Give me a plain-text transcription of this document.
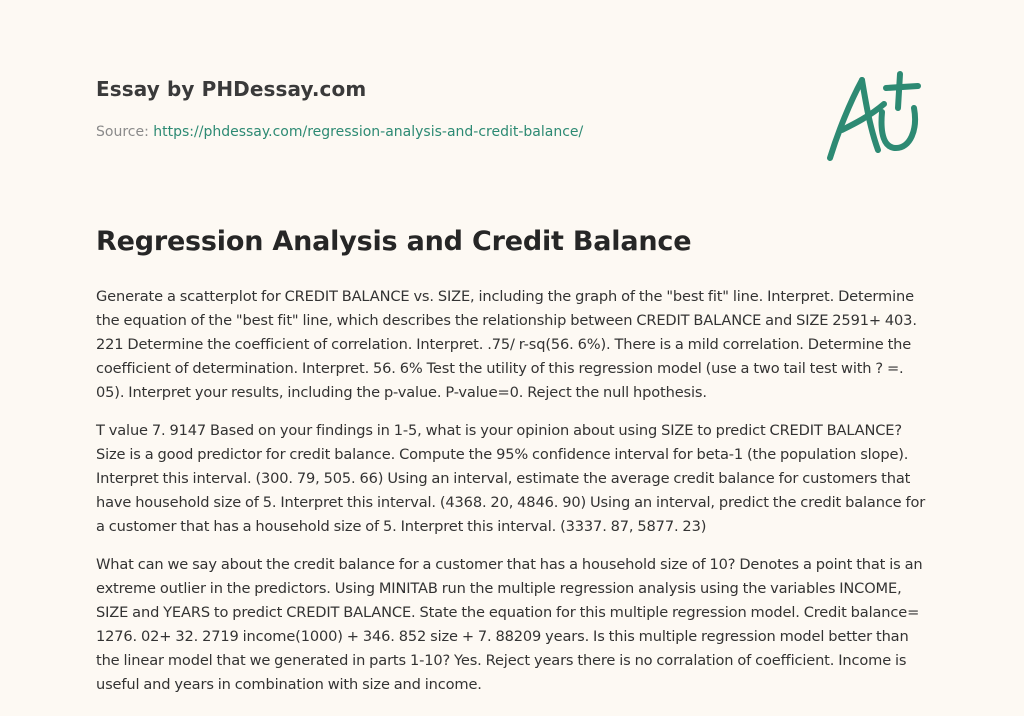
Essay by PHDessay.com
Source: https://phdessay.com/regression-analysis-and-credit-balance/
Regression Analysis and Credit Balance

Generate a scatterplot for CREDIT BALANCE vs. SIZE, including the graph of the "best fit" line. Interpret. Determine the equation of the "best fit" line, which describes the relationship between CREDIT BALANCE and SIZE 2591+ 403. 221 Determine the coefficient of correlation. Interpret. .75/ r-sq(56. 6%). There is a mild correlation. Determine the coefficient of determination. Interpret. 56. 6% Test the utility of this regression model (use a two tail test with ? =. 05). Interpret your results, including the p-value. P-value=0. Reject the null hpothesis.

T value 7. 9147 Based on your findings in 1-5, what is your opinion about using SIZE to predict CREDIT BALANCE? Size is a good predictor for credit balance. Compute the 95% confidence interval for beta-1 (the population slope). Interpret this interval. (300. 79, 505. 66) Using an interval, estimate the average credit balance for customers that have household size of 5. Interpret this interval. (4368. 20, 4846. 90) Using an interval, predict the credit balance for a customer that has a household size of 5. Interpret this interval. (3337. 87, 5877. 23)

What can we say about the credit balance for a customer that has a household size of 10? Denotes a point that is an extreme outlier in the predictors. Using MINITAB run the multiple regression analysis using the variables INCOME, SIZE and YEARS to predict CREDIT BALANCE. State the equation for this multiple regression model. Credit balance= 1276. 02+ 32. 2719 income(1000) + 346. 852 size + 7. 88209 years. Is this multiple regression model better than the linear model that we generated in parts 1-10? Yes. Reject years there is no corralation of coefficient. Income is useful and years in combination with size and income.
